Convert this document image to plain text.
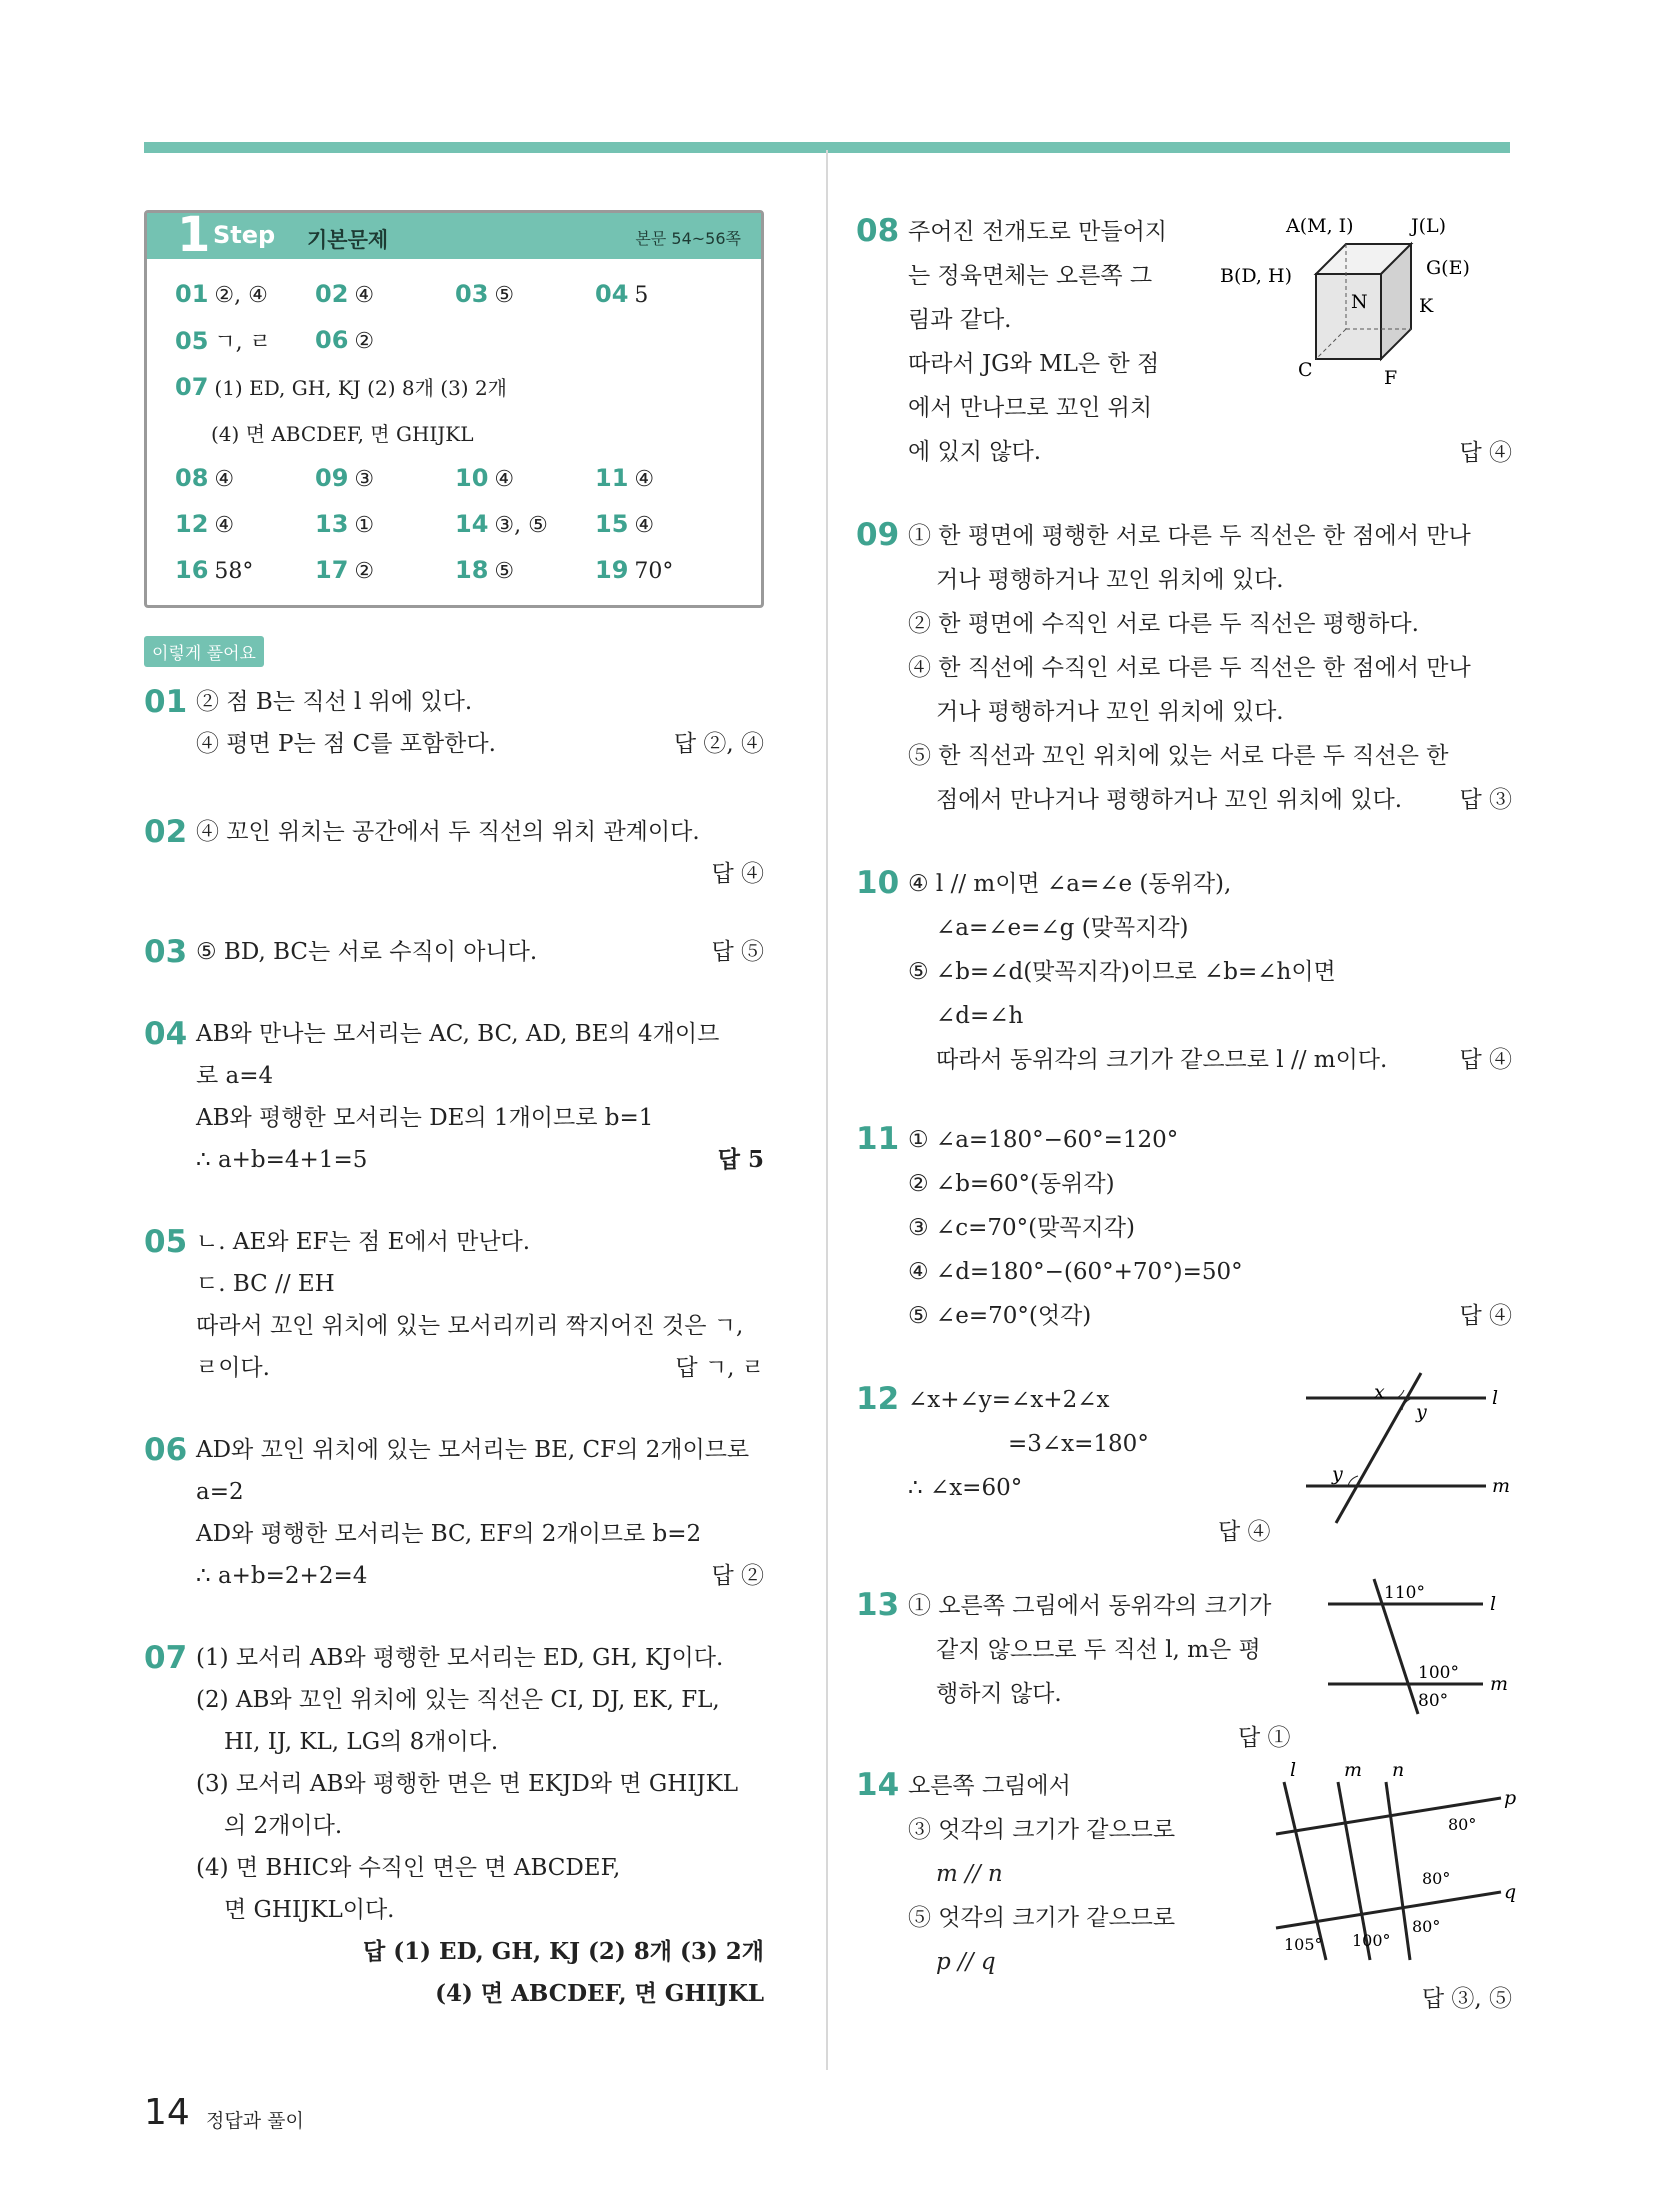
1 Step 기본문제	본문 54~56쪽
01 ②, ④	02 ④	03 ⑤	04 5
05 ㄱ, ㄹ	06 ②
07 (1) ED, GH, KJ (2) 8개 (3) 2개
(4) 면 ABCDEF, 면 GHIJKL
08 ④	09 ③	10 ④	11 ④
12 ④	13 ①	14 ③, ⑤	15 ④
16 58°	17 ②	18 ⑤	19 70°
이렇게 풀어요
01 ② 점 B는 직선 l 위에 있다.
④ 평면 P는 점 C를 포함한다.	답 ②, ④
02 ④ 꼬인 위치는 공간에서 두 직선의 위치 관계이다.
답 ④
03 ⑤ BD, BC는 서로 수직이 아니다.	답 ⑤
04 AB와 만나는 모서리는 AC, BC, AD, BE의 4개이므
로 a=4
AB와 평행한 모서리는 DE의 1개이므로 b=1
∴ a+b=4+1=5	답 5
05 ㄴ. AE와 EF는 점 E에서 만난다.
ㄷ. BC // EH
따라서 꼬인 위치에 있는 모서리끼리 짝지어진 것은 ㄱ,
ㄹ이다.	답 ㄱ, ㄹ
06 AD와 꼬인 위치에 있는 모서리는 BE, CF의 2개이므로
a=2
AD와 평행한 모서리는 BC, EF의 2개이므로 b=2
∴ a+b=2+2=4	답 ②
07 (1) 모서리 AB와 평행한 모서리는 ED, GH, KJ이다.
(2) AB와 꼬인 위치에 있는 직선은 CI, DJ, EK, FL,
HI, IJ, KL, LG의 8개이다.
(3) 모서리 AB와 평행한 면은 면 EKJD와 면 GHIJKL
의 2개이다.
(4) 면 BHIC와 수직인 면은 면 ABCDEF,
면 GHIJKL이다.
답 (1) ED, GH, KJ (2) 8개 (3) 2개
(4) 면 ABCDEF, 면 GHIJKL
08 주어진 전개도로 만들어지
는 정육면체는 오른쪽 그
림과 같다.
따라서 JG와 ML은 한 점
에서 만나므로 꼬인 위치
에 있지 않다.
A(M, I)	J(L)
G(E)
B(D, H)
N	K
C	F
답 ④
09 ① 한 평면에 평행한 서로 다른 두 직선은 한 점에서 만나
거나 평행하거나 꼬인 위치에 있다.
② 한 평면에 수직인 서로 다른 두 직선은 평행하다.
④ 한 직선에 수직인 서로 다른 두 직선은 한 점에서 만나
거나 평행하거나 꼬인 위치에 있다.
⑤ 한 직선과 꼬인 위치에 있는 서로 다른 두 직선은 한
점에서 만나거나 평행하거나 꼬인 위치에 있다. 답 ③
10 ④ l // m이면 ∠a=∠e (동위각),
∠a=∠e=∠g (맞꼭지각)
⑤ ∠b=∠d(맞꼭지각)이므로 ∠b=∠h이면
∠d=∠h
따라서 동위각의 크기가 같으므로 l // m이다.	답 ④
11 ① ∠a=180°−60°=120°
② ∠b=60°(동위각)
③ ∠c=70°(맞꼭지각)
④ ∠d=180°−(60°+70°)=50°
⑤ ∠e=70°(엇각)	답 ④
12 ∠x+∠y=∠x+2∠x
=3∠x=180°
∴ ∠x=60°
답 ④
x
y
y
l
m
13 ① 오른쪽 그림에서 동위각의 크기가
같지 않으므로 두 직선 l, m은 평
행하지 않다.
답 ①
110°
100°
80°
l
m
14 오른쪽 그림에서
③ 엇각의 크기가 같으므로
m // n
⑤ 엇각의 크기가 같으므로
p // q
l	m n
p
q
80°
80°
80°
105° 100°
답 ③, ⑤
14 정답과 풀이
